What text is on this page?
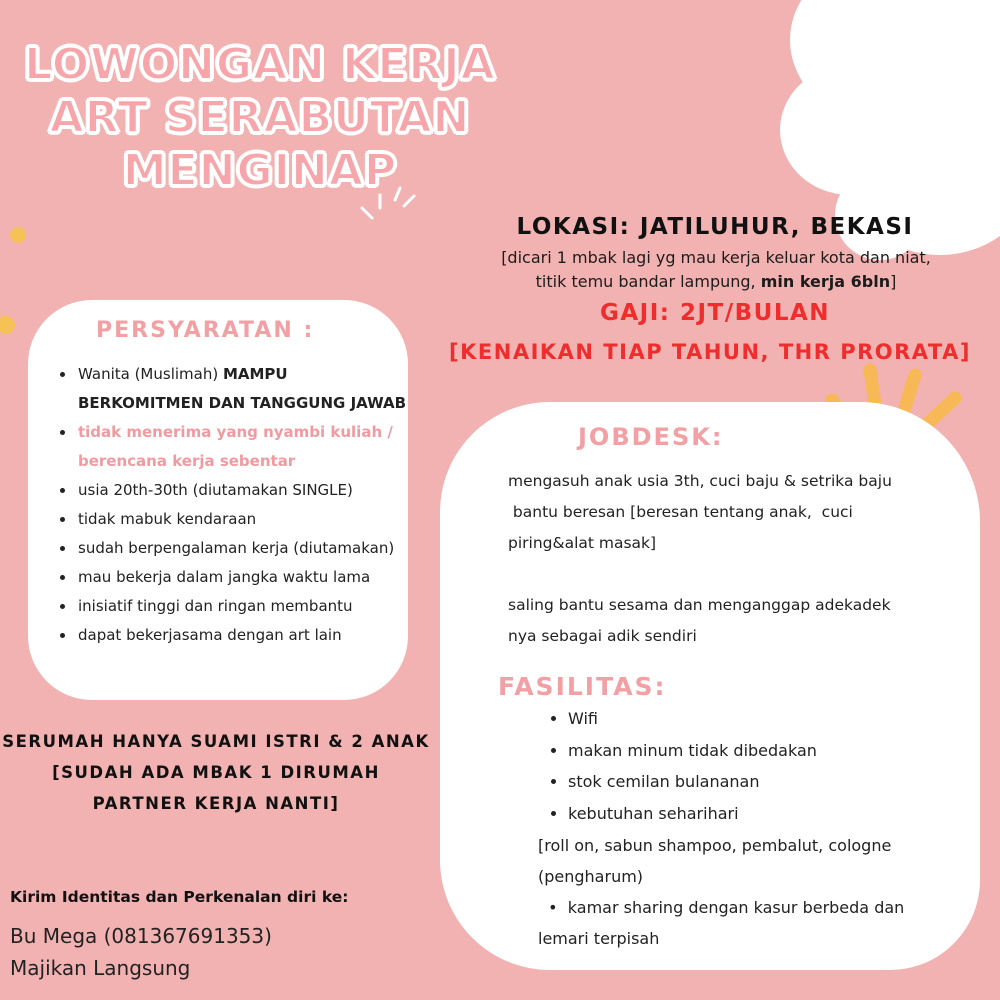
LOWONGAN KERJA
ART SERABUTAN
MENGINAP
LOKASI: JATILUHUR, BEKASI
[dicari 1 mbak lagi yg mau kerja keluar kota dan niat,
titik temu bandar lampung, min kerja 6bln]
GAJI: 2JT/BULAN
[KENAIKAN TIAP TAHUN, THR PRORATA]
PERSYARATAN :
• Wanita (Muslimah) MAMPU BERKOMITMEN DAN TANGGUNG JAWAB
• tidak menerima yang nyambi kuliah / berencana kerja sebentar
• usia 20th-30th (diutamakan SINGLE)
• tidak mabuk kendaraan
• sudah berpengalaman kerja (diutamakan)
• mau bekerja dalam jangka waktu lama
• inisiatif tinggi dan ringan membantu
• dapat bekerjasama dengan art lain
JOBDESK:

mengasuh anak usia 3th, cuci baju & setrika baju

bantu beresan [beresan tentang anak,  cuci

piring&alat masak]

saling bantu sesama dan menganggap adekadek

nya sebagai adik sendiri

FASILITAS:
• Wifi
• makan minum tidak dibedakan
• stok cemilan bulananan
• kebutuhan seharihari

[roll on, sabun shampoo, pembalut, cologne

(pengharum)

•  kamar sharing dengan kasur berbeda dan

lemari terpisah

SERUMAH HANYA SUAMI ISTRI & 2 ANAK

[SUDAH ADA MBAK 1 DIRUMAH

PARTNER KERJA NANTI]

Kirim Identitas dan Perkenalan diri ke:

Bu Mega (081367691353)

Majikan Langsung
